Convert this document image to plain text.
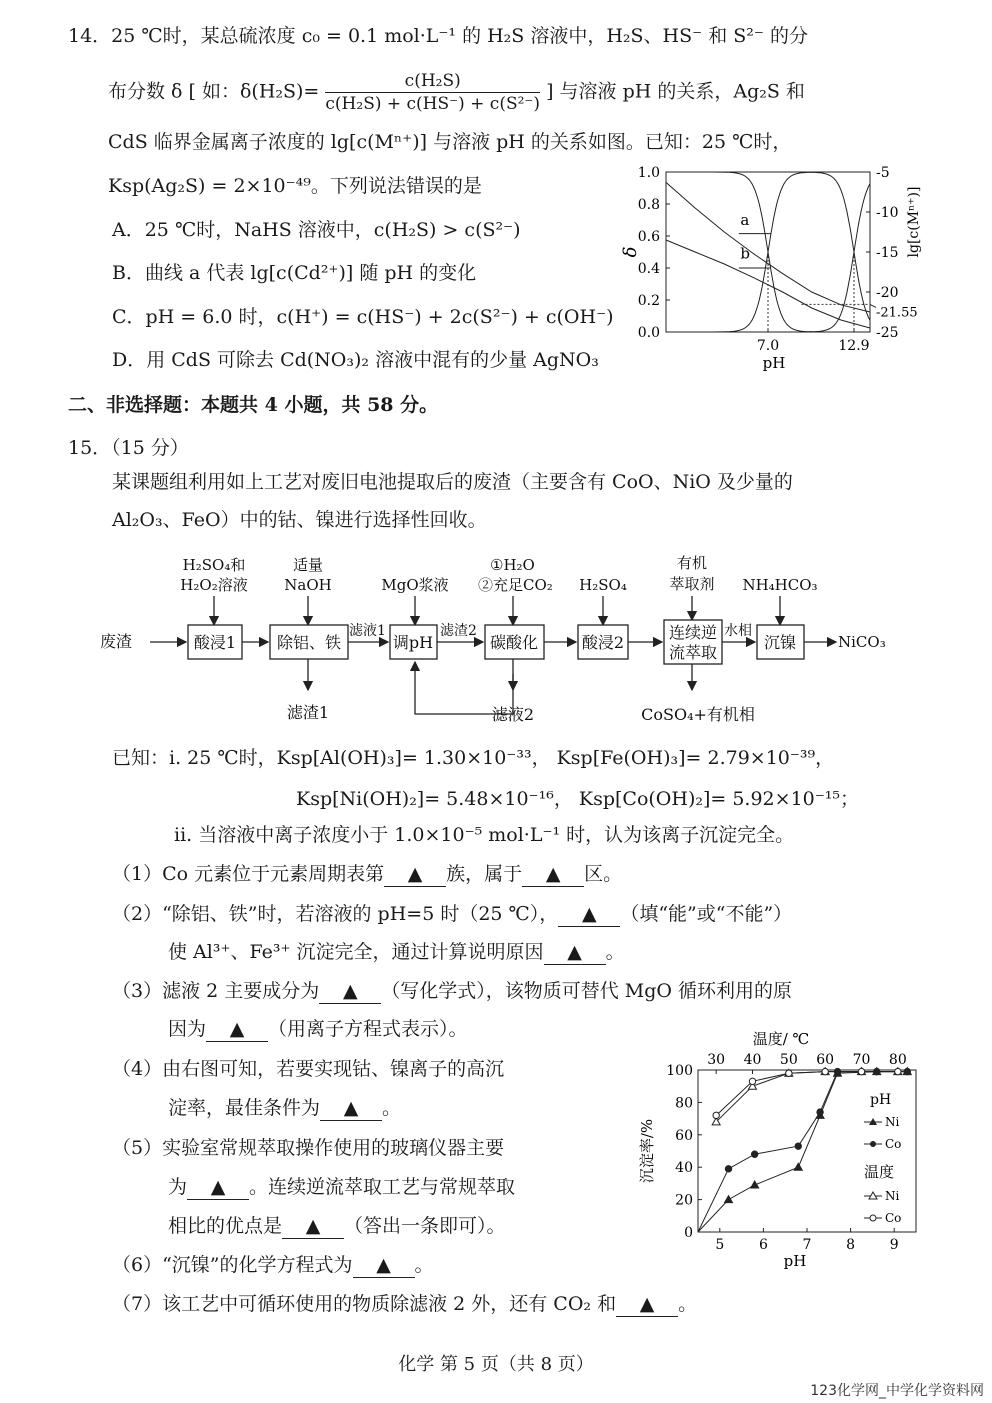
14．25 ℃时，某总硫浓度 c₀ = 0.1 mol·L⁻¹ 的 H₂S 溶液中，H₂S、HS⁻ 和 S²⁻ 的分
布分数 δ [ 如：$\delta(H_2S)= \frac{\text{c(H₂S)}}{\text{c(H₂S) + c(HS⁻) + c(S²⁻)}}$ ] 与溶液 pH 的关系，Ag₂S 和
CdS 临界金属离子浓度的 lg[c(Mⁿ⁺)] 与溶液 pH 的关系如图。已知：25 ℃时，
Ksp(Ag₂S) = 2×10⁻⁴⁹。下列说法错误的是
A．25 ℃时，NaHS 溶液中，c(H₂S) > c(S²⁻)
B．曲线 a 代表 lg[c(Cd²⁺)] 随 pH 的变化
C．pH = 6.0 时，c(H⁺) = c(HS⁻) + 2c(S²⁻) + c(OH⁻)
D．用 CdS 可除去 Cd(NO₃)₂ 溶液中混有的少量 AgNO₃
1.0
0.8
0.6
0.4
0.2
0.0
-5
-10
-15
-20
-25
-21.55
7.0	12.9
pH
δ	lg[c(Mⁿ⁺)]
a
b
二、非选择题：本题共 4 小题，共 58 分。
15．（15 分）
某课题组利用如上工艺对废旧电池提取后的废渣（主要含有 CoO、NiO 及少量的
Al₂O₃、FeO）中的钴、镍进行选择性回收。
废渣	酸浸1	除铝、铁	调pH	碳酸化	酸浸2
连续逆
流萃取
沉镍
H₂SO₄和
H₂O₂溶液
适量
NaOH	MgO浆液
①H₂O
②充足CO₂ H₂SO₄
有机
萃取剂 NH₄HCO₃
滤液1	滤渣2	水相
NiCO₃
滤渣1	滤液2	CoSO₄+有机相
已知：i. 25 ℃时，Ksp[Al(OH)₃]= 1.30×10⁻³³， Ksp[Fe(OH)₃]= 2.79×10⁻³⁹，
Ksp[Ni(OH)₂]= 5.48×10⁻¹⁶， Ksp[Co(OH)₂]= 5.92×10⁻¹⁵；
ii. 当溶液中离子浓度小于 1.0×10⁻⁵ mol·L⁻¹ 时，认为该离子沉淀完全。
（1）Co 元素位于元素周期表第 ▲ 族，属于 ▲ 区。
（2）“除铝、铁”时，若溶液的 pH=5 时（25 ℃）， ▲ （填“能”或“不能”）
使 Al³⁺、Fe³⁺ 沉淀完全，通过计算说明原因 ▲ 。
（3）滤液 2 主要成分为 ▲ （写化学式），该物质可替代 MgO 循环利用的原
因为 ▲ （用离子方程式表示）。
（4）由右图可知，若要实现钴、镍离子的高沉
淀率，最佳条件为 ▲ 。
（5）实验室常规萃取操作使用的玻璃仪器主要
为 ▲ 。连续逆流萃取工艺与常规萃取
相比的优点是 ▲ （答出一条即可）。
（6）“沉镍”的化学方程式为 ▲ 。
（7）该工艺中可循环使用的物质除滤液 2 外，还有 CO₂ 和 ▲ 。
100
80
60
40
20
0
5 6 7 8 9
30 40 50 60 70 80
温度/ ℃
pH
沉淀率/%
pH
Ni
Co
温度
Ni
Co
化学 第 5 页（共 8 页）
123化学网_中学化学资料网
